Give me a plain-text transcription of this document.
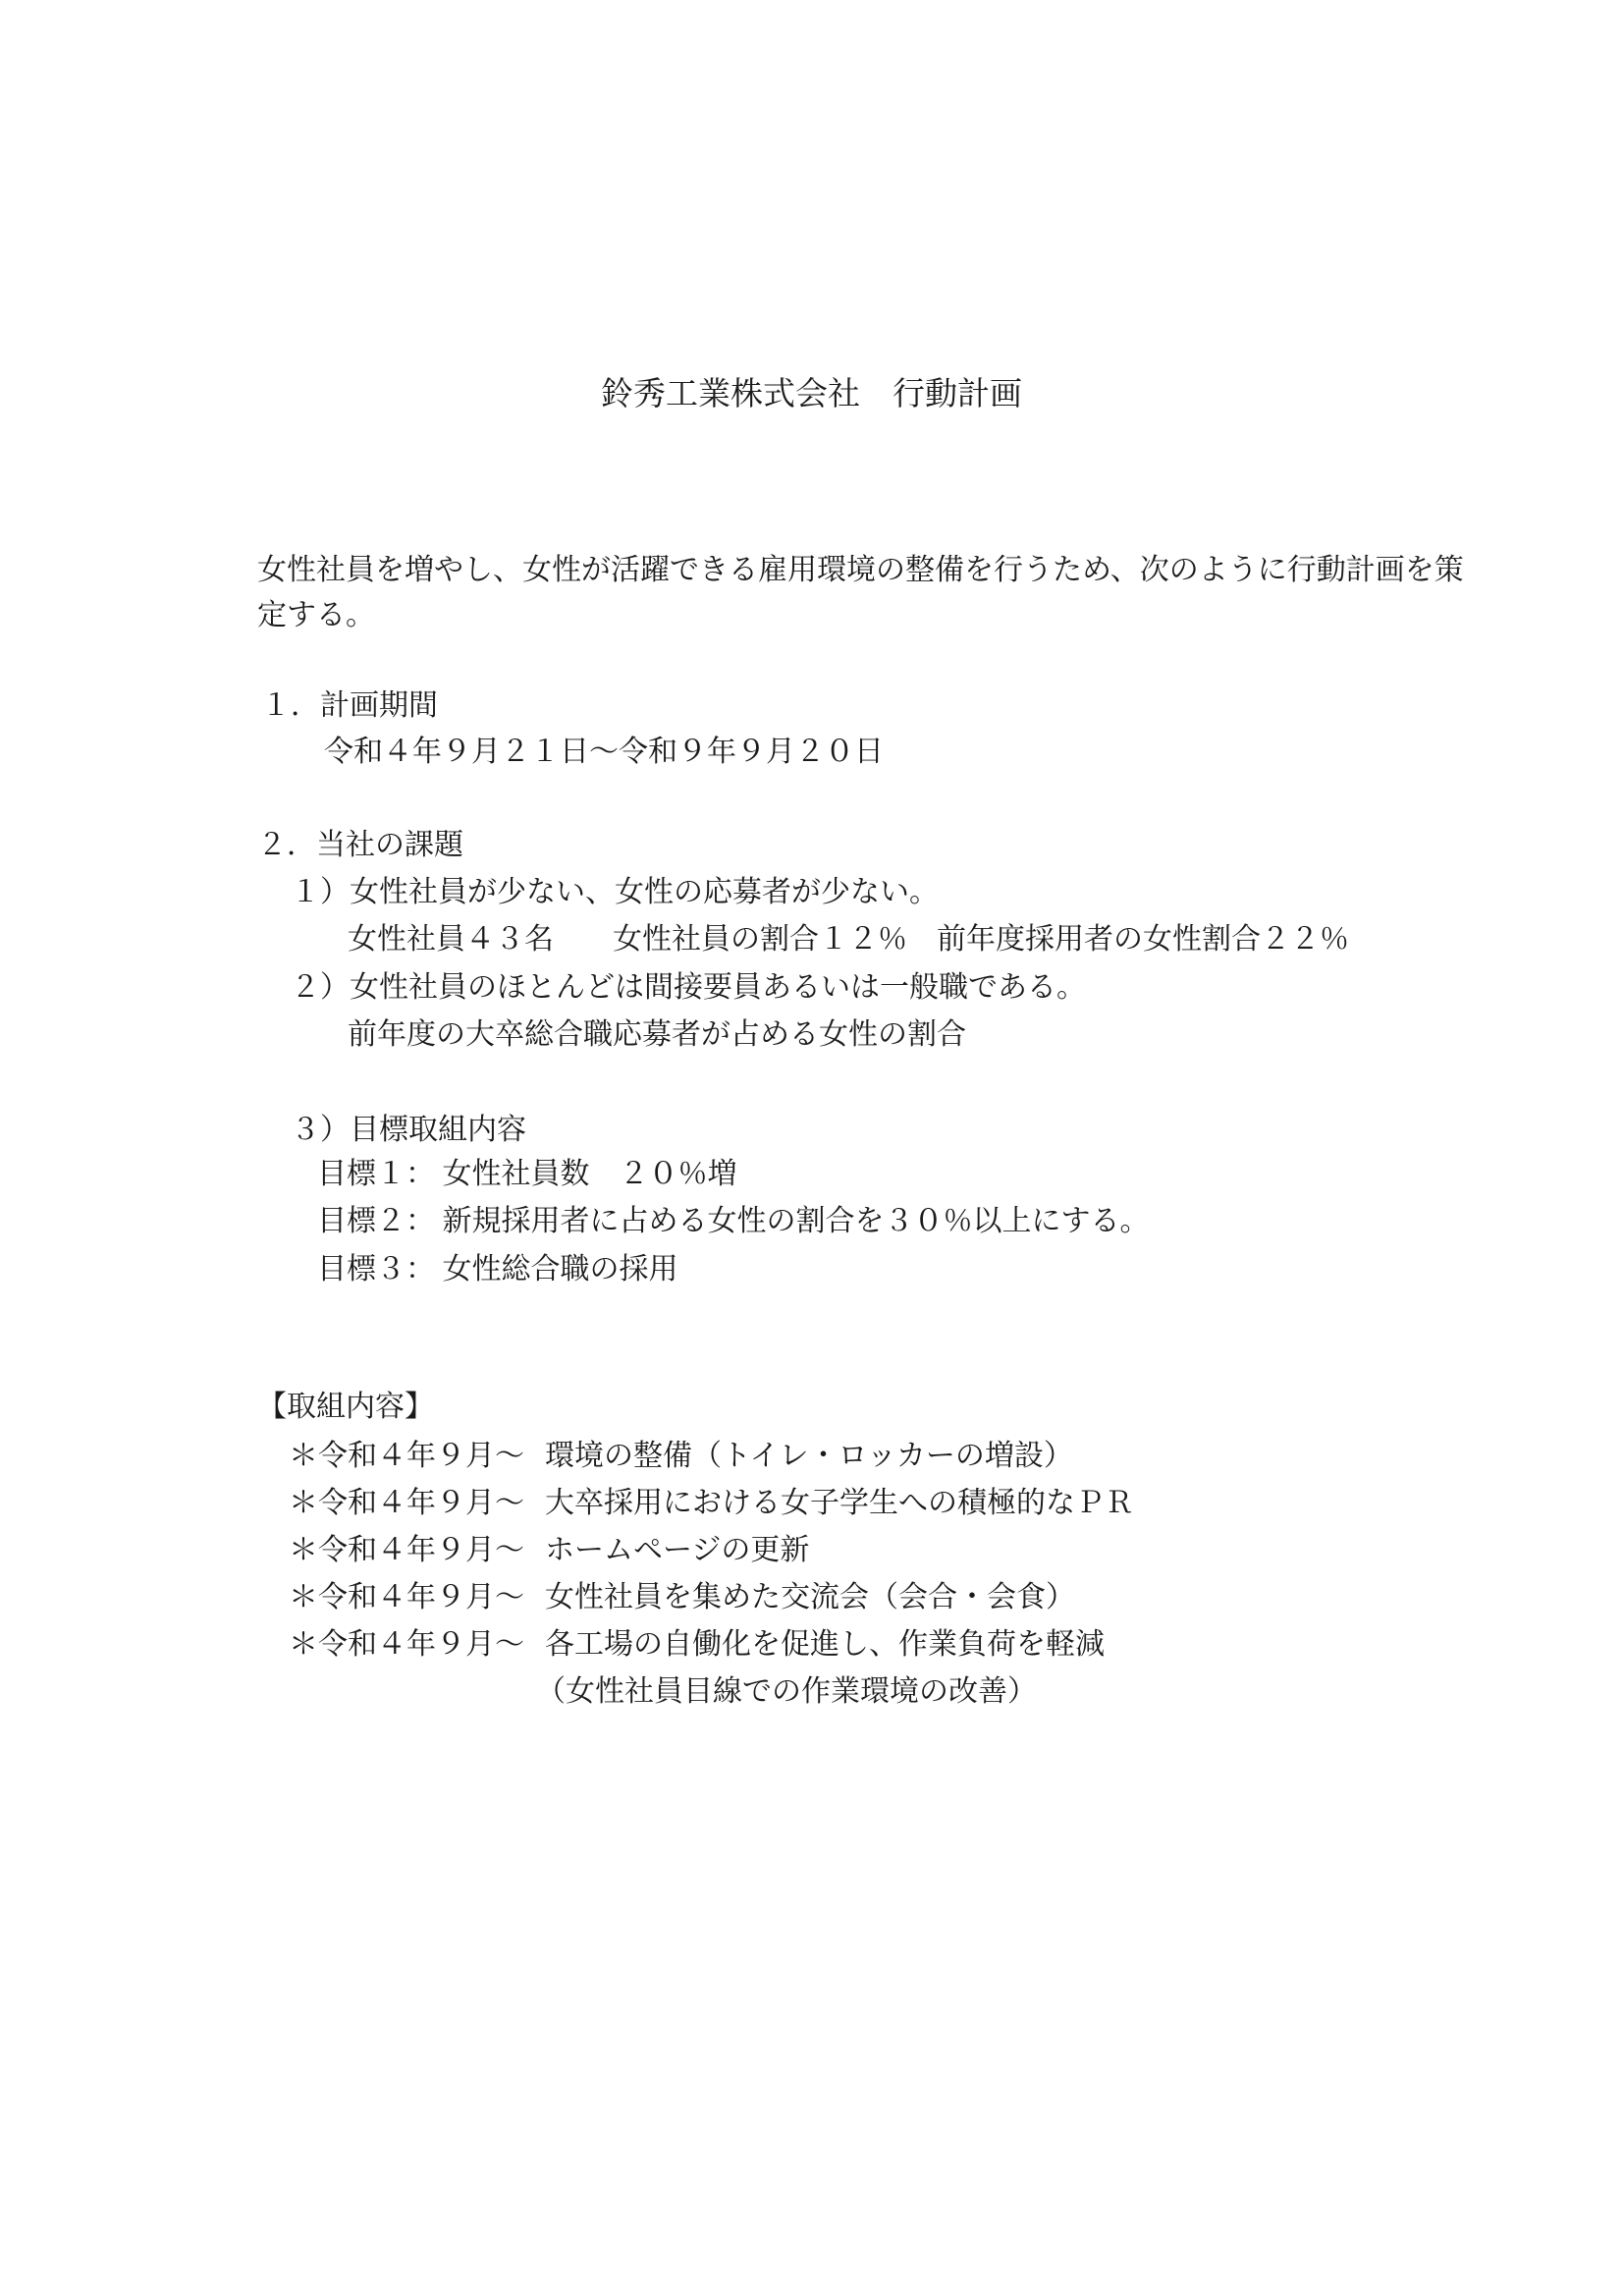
鈴秀工業株式会社　行動計画
女性社員を増やし、女性が活躍できる雇用環境の整備を行うため、次のように行動計画を策定する。
１．計画期間
令和４年９月２１日～令和９年９月２０日
２．当社の課題
１）女性社員が少ない、女性の応募者が少ない。
女性社員４３名　　女性社員の割合１２％　前年度採用者の女性割合２２％
２）女性社員のほとんどは間接要員あるいは一般職である。
前年度の大卒総合職応募者が占める女性の割合
３）目標取組内容
目標１： 女性社員数　２０％増
目標２： 新規採用者に占める女性の割合を３０％以上にする。
目標３： 女性総合職の採用
【取組内容】
＊令和４年９月～ 環境の整備（トイレ・ロッカーの増設）
＊令和４年９月～ 大卒採用における女子学生への積極的なＰＲ
＊令和４年９月～ ホームページの更新
＊令和４年９月～ 女性社員を集めた交流会（会合・会食）
＊令和４年９月～ 各工場の自働化を促進し、作業負荷を軽減
（女性社員目線での作業環境の改善）
